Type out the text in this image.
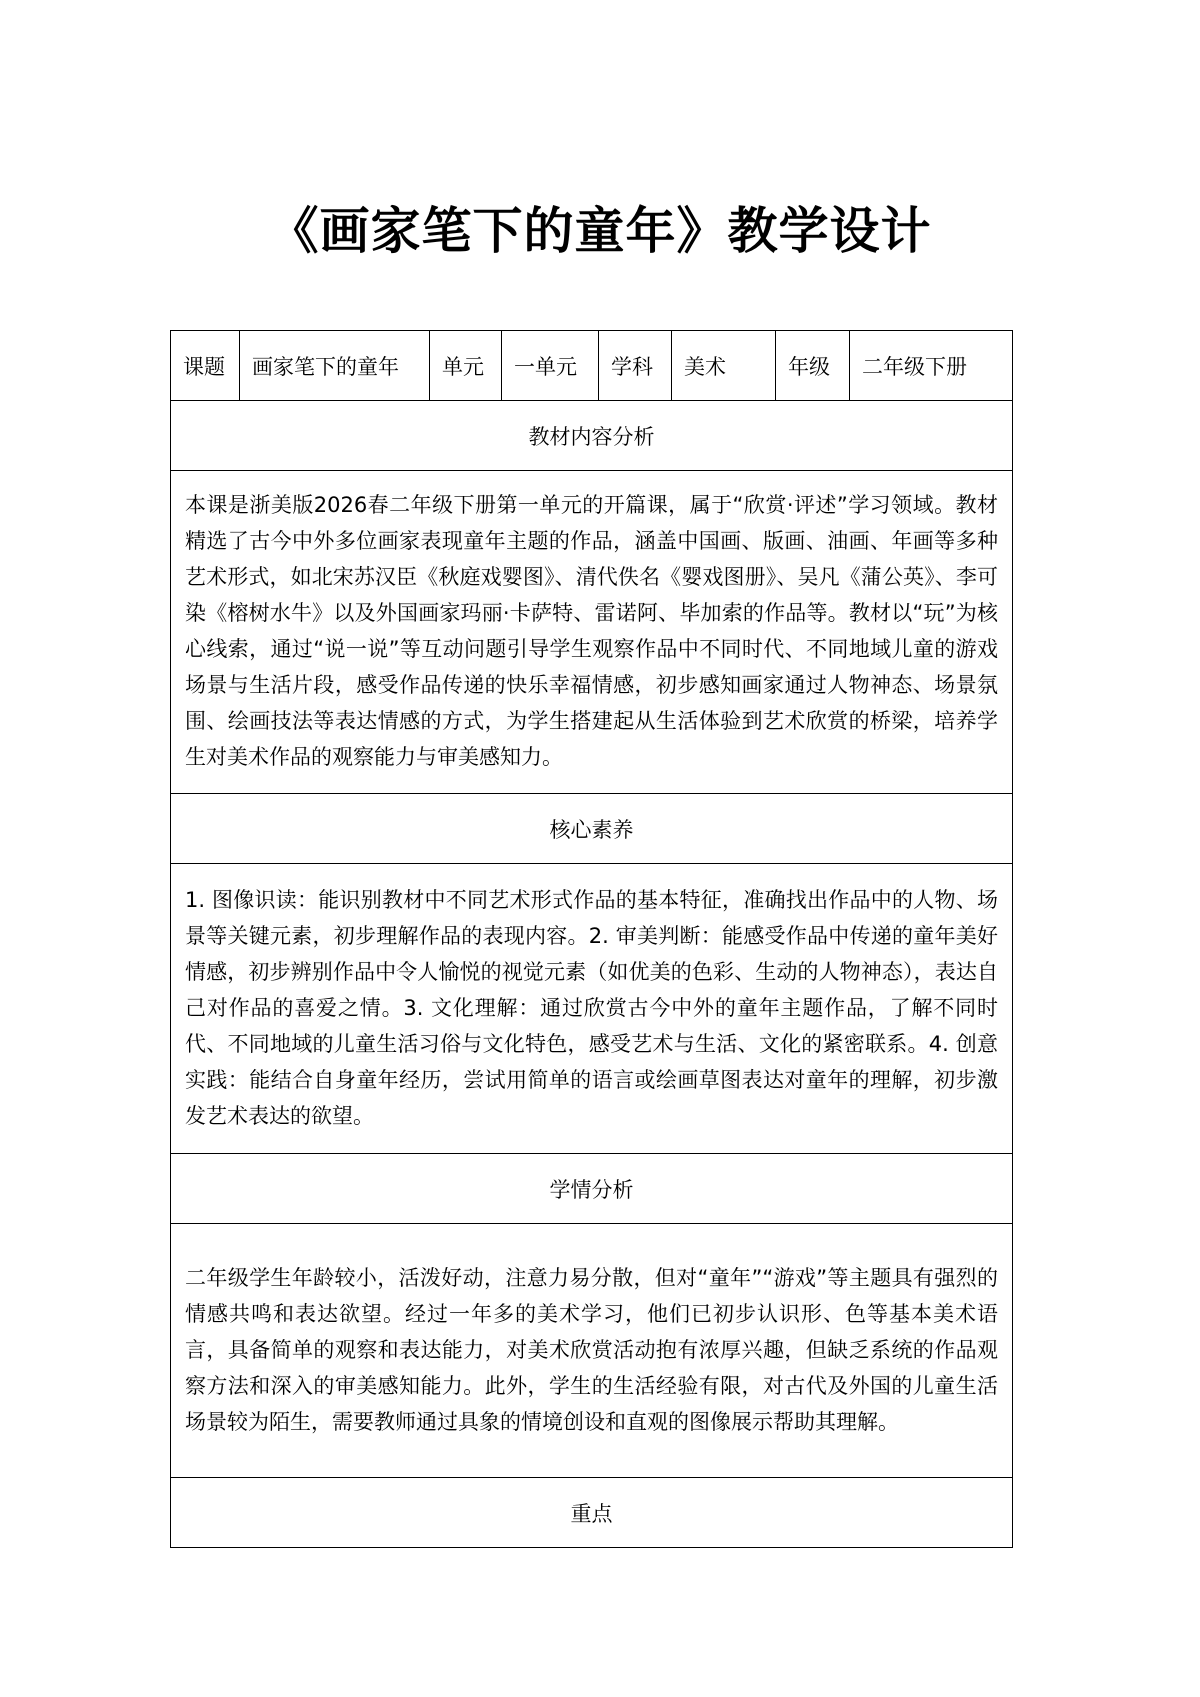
《画家笔下的童年》教学设计
课题	画家笔下的童年	单元	一单元	学科	美术	年级	二年级下册
教材内容分析
本课是浙美版2026春二年级下册第一单元的开篇课，属于“欣赏·评述”学习领域。教材精选了古今中外多位画家表现童年主题的作品，涵盖中国画、版画、油画、年画等多种艺术形式，如北宋苏汉臣《秋庭戏婴图》、清代佚名《婴戏图册》、吴凡《蒲公英》、李可染《榕树水牛》以及外国画家玛丽·卡萨特、雷诺阿、毕加索的作品等。教材以“玩”为核心线索，通过“说一说”等互动问题引导学生观察作品中不同时代、不同地域儿童的游戏场景与生活片段，感受作品传递的快乐幸福情感，初步感知画家通过人物神态、场景氛围、绘画技法等表达情感的方式，为学生搭建起从生活体验到艺术欣赏的桥梁，培养学生对美术作品的观察能力与审美感知力。
核心素养
1. 图像识读：能识别教材中不同艺术形式作品的基本特征，准确找出作品中的人物、场景等关键元素，初步理解作品的表现内容。2. 审美判断：能感受作品中传递的童年美好情感，初步辨别作品中令人愉悦的视觉元素（如优美的色彩、生动的人物神态），表达自己对作品的喜爱之情。3. 文化理解：通过欣赏古今中外的童年主题作品，了解不同时代、不同地域的儿童生活习俗与文化特色，感受艺术与生活、文化的紧密联系。4. 创意实践：能结合自身童年经历，尝试用简单的语言或绘画草图表达对童年的理解，初步激发艺术表达的欲望。
学情分析
二年级学生年龄较小，活泼好动，注意力易分散，但对“童年”“游戏”等主题具有强烈的情感共鸣和表达欲望。经过一年多的美术学习，他们已初步认识形、色等基本美术语言，具备简单的观察和表达能力，对美术欣赏活动抱有浓厚兴趣，但缺乏系统的作品观察方法和深入的审美感知能力。此外，学生的生活经验有限，对古代及外国的儿童生活场景较为陌生，需要教师通过具象的情境创设和直观的图像展示帮助其理解。
重点
